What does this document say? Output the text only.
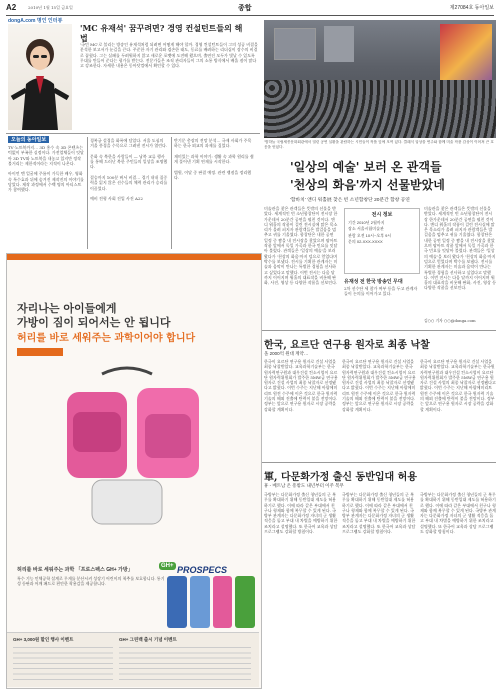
A2	2010년 1월 15일 금요일	종합	제27084호 동아일보
dongA.com 명인 인터뷰
'MC 유재석' 꿈꾸려면? 경영 컨설턴트들의 해법
'국민 MC'로 불리는 방송인 유재석처럼 되려면 어떻게 해야 할까. 경영 컨설턴트들이 그의 성공 비결을 분석한 보고서가 눈길을 끈다. 꾸준한 자기 관리와 겸손한 태도, 동료를 배려하는 리더십이 장수의 비결로 꼽혔다. 그는 실패를 두려워하지 않고 새로운 포맷에 도전해 왔으며, 출연진 모두가 빛날 수 있도록 무대를 만들어 준다는 평가를 받는다. 전문가들은 조직 관리자들이 그의 소통 방식에서 배울 점이 많다고 강조한다. 자세한 내용은 동아닷컴에서 확인할 수 있다.
오늘의 동아일보
TV·노트북까지… 3D 홍수 속 3D 콘텐츠는 턱없이 부족한 실정이다. 가전업체들이 잇달아 3D TV와 노트북을 내놓고 있지만 정작 볼거리는 제한적이라는 지적이 나온다.

아이언 맨 얼굴에 주름이 가득한 배우, 영화 속 특수효과 뒤에 숨겨진 제작진의 이야기를 담았다. 제작 과정에서 수백 명의 아티스트가 참여했다.
경복궁 설경을 화폭에 담았다. 서울 도심의 겨울 풍경을 수묵으로 그려낸 전시가 열린다.

문화 속 북한을 사람들이 — 남북 교류 행사를 통해 드러난 북한 주민들의 일상을 조명했다.

결승까지 100분 버서 비결… 경기 내내 집중력을 잃지 않은 선수들의 체력 관리가 승리를 이끌었다.

예비 전형 사회 진입 사진 A22
반기문 총장의 전망 분석… 국제 사회가 주목하는 한국 외교의 과제를 짚었다.

재미있는 과학 이야기: 생활 속 과학 원리를 쉽게 풀어낸 기획 연재를 시작한다.

법원, 이달 중 판결 예정. 관련 쟁점을 정리했다.
자리나는 아이들에게
가방이 짐이 되어서는 안 됩니다
허리를 바로 세워주는 과학이어야 합니다
PROSPECS
GH+
허리를 바로 세워주는 과학 「프로스펙스 GH+ 가방」
특수 기능 인체공학 설계로 무게를 분산시켜 성장기 어린이의 척추를 보호합니다. 통기성 등판과 어깨 패드로 편안한 착용감을 제공합니다.
GH+ 3,000원 할인 행사 이벤트	GH+ 그린백 출시 기념 이벤트
'밤하늘 국립세종문화회관에서 열린 공연 실황을 관람하는 시민들이 작품 앞에 모여 있다. 클래식 앙상블 연주와 함께 미술 작품 감상이 이어져 큰 호응을 얻었다.
'일상의 예술' 보러 온 관객들
'천상의 화음'까지 선물받았네
'합바치' 앤디 워홀展 찾은 빈 소년합창단 20분간 합창 공연
미술관을 찾은 관객들은 뜻밖의 선물을 받았다. 세계적인 빈 소년합창단이 전시장 한가운데서 20분간 공연을 펼친 것이다. 앤디 워홀의 작품이 걸린 전시실에 맑은 목소리가 울려 퍼지자 관람객들은 발걸음을 멈추고 귀를 기울였다. 합창단은 내한 공연 일정 중 짬을 내 전시장을 찾았으며 팝아트 작품 앞에서 독일 가곡과 한국 민요를 잇달아 불렀다. 관객들은 '일상의 예술'을 보러 왔다가 '천상의 화음'까지 덤으로 얻었다며 박수를 보냈다. 전시를 기획한 관계자는 미술과 음악이 만나는 특별한 경험을 선사하고 싶었다고 말했다. 이번 전시는 다음 달까지 이어지며 워홀의 대표작을 비롯해 판화, 사진, 영상 등 다양한 작품을 선보인다.
전시 정보
기간 2010년 2월까지
장소 서울시립미술관
관람 오전 10시~오후 9시
문의 02-XXX-XXXX
미술관을 찾은 관객들은 뜻밖의 선물을 받았다. 세계적인 빈 소년합창단이 전시장 한가운데서 20분간 공연을 펼친 것이다. 앤디 워홀의 작품이 걸린 전시실에 맑은 목소리가 울려 퍼지자 관람객들은 발걸음을 멈추고 귀를 기울였다. 합창단은 내한 공연 일정 중 짬을 내 전시장을 찾았으며 팝아트 작품 앞에서 독일 가곡과 한국 민요를 잇달아 불렀다. 관객들은 '일상의 예술'을 보러 왔다가 '천상의 화음'까지 덤으로 얻었다며 박수를 보냈다. 전시를 기획한 관계자는 미술과 음악이 만나는 특별한 경험을 선사하고 싶었다고 말했다. 이번 전시는 다음 달까지 이어지며 워홀의 대표작을 비롯해 판화, 사진, 영상 등 다양한 작품을 선보인다.
유재성 전 한국 방송인 무대
2차 선수단 세 참가 여부 등을 두고 관계자들이 논의를 이어가고 있다.
김○○ 기자 ○○@donga.com
한국, 요르단 연구용 원자로 최종 낙찰
올 2000억 원대 계약…
한국이 요르단 연구용 원자로 건설 사업을 최종 낙찰받았다. 교육과학기술부는 한국원자력연구원과 대우건설 컨소시엄이 요르단 원자력위원회가 발주한 5MW급 연구용 원자로 건설 사업의 최종 낙찰자로 선정됐다고 밝혔다. 이번 수주는 지난해 아랍에미리트 원전 수주에 이은 것으로 한국 원자력 기술의 해외 진출에 탄력이 붙을 전망이다. 정부는 앞으로 연구용 원자로 시장 공략을 강화할 계획이다.
한국이 요르단 연구용 원자로 건설 사업을 최종 낙찰받았다. 교육과학기술부는 한국원자력연구원과 대우건설 컨소시엄이 요르단 원자력위원회가 발주한 5MW급 연구용 원자로 건설 사업의 최종 낙찰자로 선정됐다고 밝혔다. 이번 수주는 지난해 아랍에미리트 원전 수주에 이은 것으로 한국 원자력 기술의 해외 진출에 탄력이 붙을 전망이다. 정부는 앞으로 연구용 원자로 시장 공략을 강화할 계획이다.
한국이 요르단 연구용 원자로 건설 사업을 최종 낙찰받았다. 교육과학기술부는 한국원자력연구원과 대우건설 컨소시엄이 요르단 원자력위원회가 발주한 5MW급 연구용 원자로 건설 사업의 최종 낙찰자로 선정됐다고 밝혔다. 이번 수주는 지난해 아랍에미리트 원전 수주에 이은 것으로 한국 원자력 기술의 해외 진출에 탄력이 붙을 전망이다. 정부는 앞으로 연구용 원자로 시장 공략을 강화할 계획이다.
軍, 다문화가정 출신 동반입대 허용
휴 - 베트남 온 흥밖도 내년부터 이주 복무
국방부는 다문화가정 출신 청년들의 군 복무를 확대하기 위해 동반입대 제도를 허용하기로 했다. 이에 따라 같은 부대에서 친구나 형제와 함께 복무할 수 있게 된다. 국방부 관계자는 다문화가정 자녀의 군 생활 적응을 돕고 부대 내 차별을 예방하기 위한 조치라고 설명했다. 또 한국어 교육과 상담 프로그램도 강화할 방침이다.
국방부는 다문화가정 출신 청년들의 군 복무를 확대하기 위해 동반입대 제도를 허용하기로 했다. 이에 따라 같은 부대에서 친구나 형제와 함께 복무할 수 있게 된다. 국방부 관계자는 다문화가정 자녀의 군 생활 적응을 돕고 부대 내 차별을 예방하기 위한 조치라고 설명했다. 또 한국어 교육과 상담 프로그램도 강화할 방침이다.
국방부는 다문화가정 출신 청년들의 군 복무를 확대하기 위해 동반입대 제도를 허용하기로 했다. 이에 따라 같은 부대에서 친구나 형제와 함께 복무할 수 있게 된다. 국방부 관계자는 다문화가정 자녀의 군 생활 적응을 돕고 부대 내 차별을 예방하기 위한 조치라고 설명했다. 또 한국어 교육과 상담 프로그램도 강화할 방침이다.
